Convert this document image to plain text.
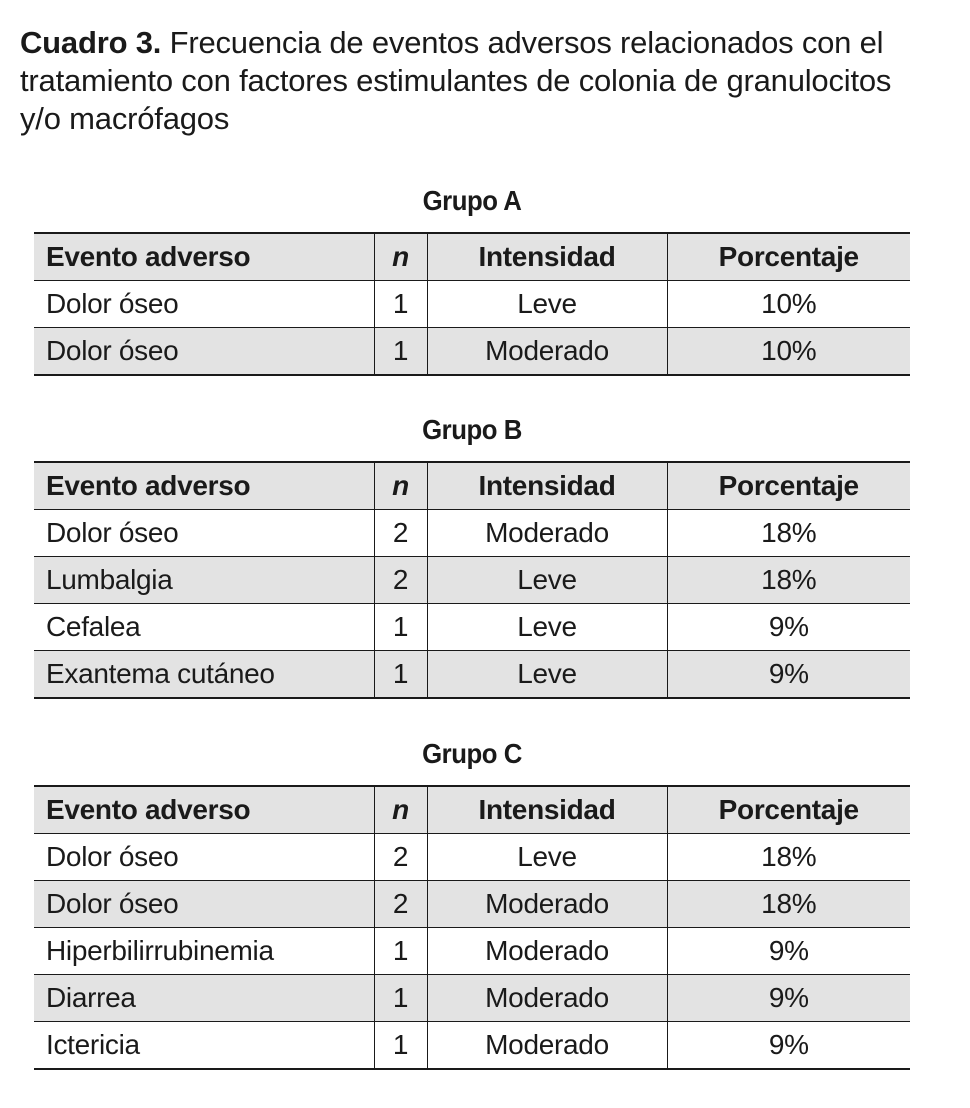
Cuadro 3. Frecuencia de eventos adversos relacionados con el tratamiento con factores estimulantes de colonia de granulocitos y/o macrófagos
Grupo A
Evento adverso	n	Intensidad	Porcentaje
Dolor óseo	1	Leve	10%
Dolor óseo	1	Moderado	10%
Grupo B
Evento adverso	n	Intensidad	Porcentaje
Dolor óseo	2	Moderado	18%
Lumbalgia	2	Leve	18%
Cefalea	1	Leve	9%
Exantema cutáneo	1	Leve	9%
Grupo C
Evento adverso	n	Intensidad	Porcentaje
Dolor óseo	2	Leve	18%
Dolor óseo	2	Moderado	18%
Hiperbilirrubinemia	1	Moderado	9%
Diarrea	1	Moderado	9%
Ictericia	1	Moderado	9%
